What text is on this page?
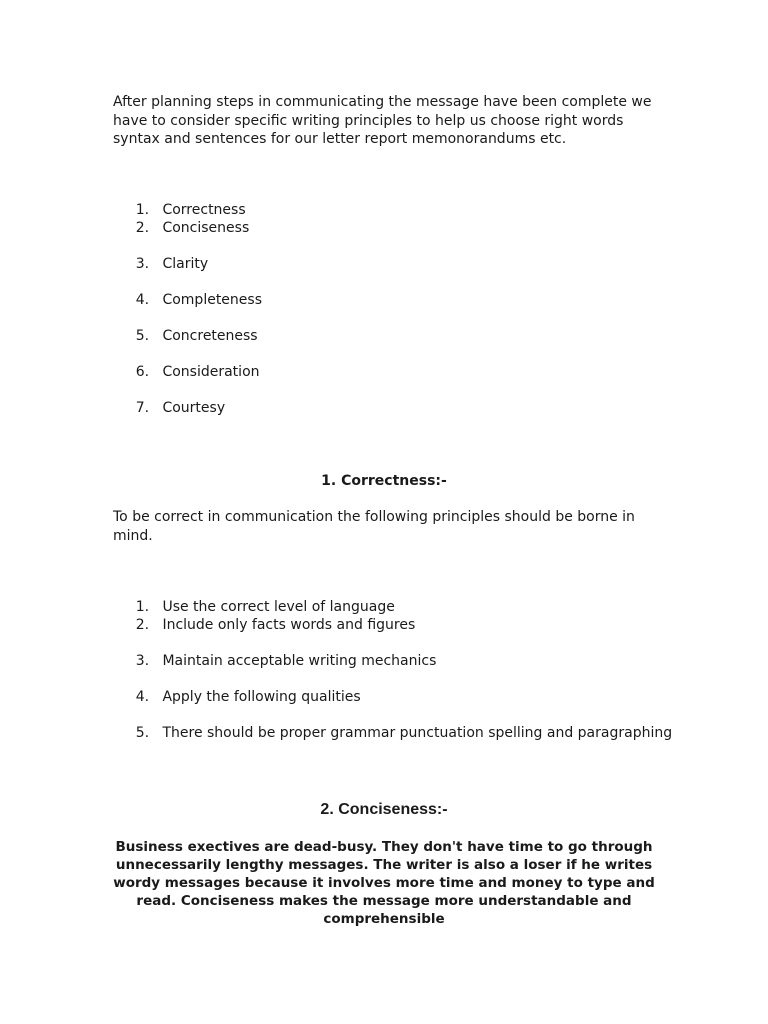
After planning steps in communicating the message have been complete we have to consider specific writing principles to help us choose right words syntax and sentences for our letter report memonorandums etc.

1.   Correctness
2.   Conciseness
3.   Clarity
4.   Completeness
5.   Concreteness
6.   Consideration
7.   Courtesy
1. Correctness:-

To be correct in communication the following principles should be borne in mind.

1.   Use the correct level of language
2.   Include only facts words and figures
3.   Maintain acceptable writing mechanics
4.   Apply the following qualities
5.   There should be proper grammar punctuation spelling and paragraphing
2. Conciseness:-

Business exectives are dead-busy. They don't have time to go through unnecessarily lengthy messages. The writer is also a loser if he writes wordy messages because it involves more time and money to type and read. Conciseness makes the message more understandable and comprehensible
